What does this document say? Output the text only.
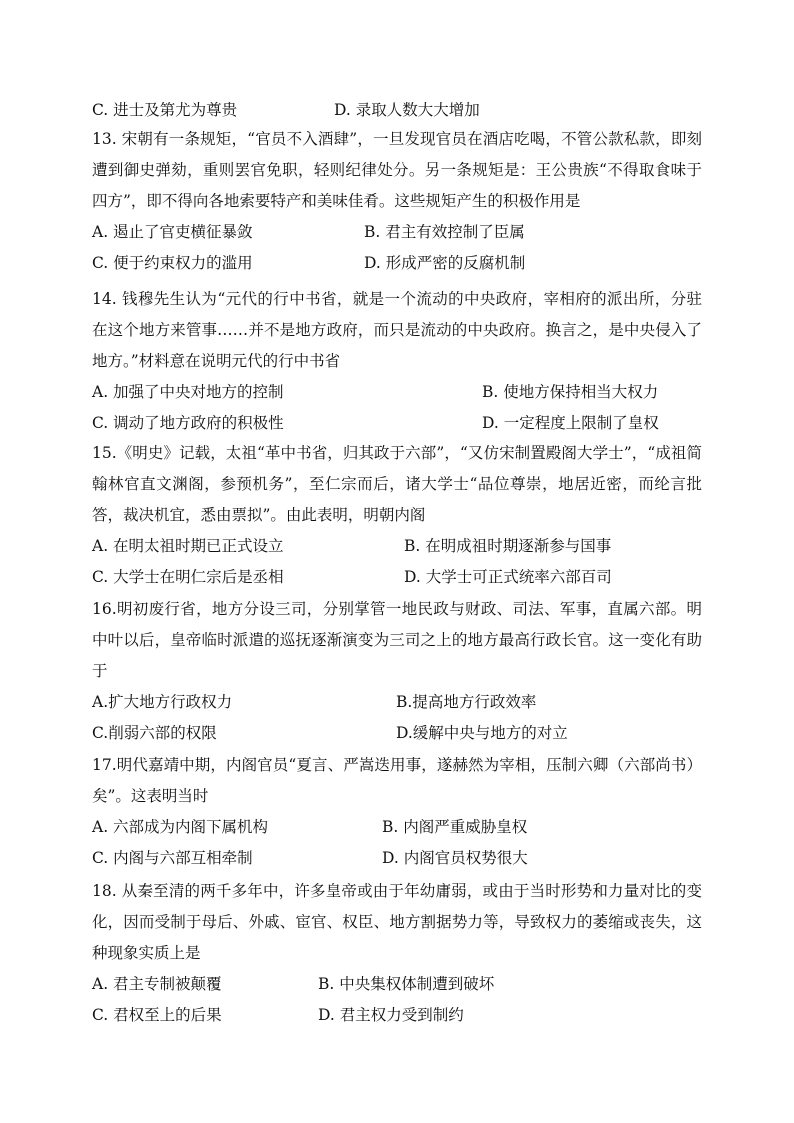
C. 进士及第尤为尊贵	D. 录取人数大大增加
13. 宋朝有一条规矩，“官员不入酒肆”，一旦发现官员在酒店吃喝，不管公款私款，即刻遭到御史弹劾，重则罢官免职，轻则纪律处分。另一条规矩是：王公贵族“不得取食味于四方”，即不得向各地索要特产和美味佳肴。这些规矩产生的积极作用是
A. 遏止了官吏横征暴敛	B. 君主有效控制了臣属
C. 便于约束权力的滥用	D. 形成严密的反腐机制
14. 钱穆先生认为“元代的行中书省，就是一个流动的中央政府，宰相府的派出所，分驻在这个地方来管事……并不是地方政府，而只是流动的中央政府。换言之，是中央侵入了地方。”材料意在说明元代的行中书省
A. 加强了中央对地方的控制	B. 使地方保持相当大权力
C. 调动了地方政府的积极性	D. 一定程度上限制了皇权
15.《明史》记载，太祖“革中书省，归其政于六部”，“又仿宋制置殿阁大学士”，“成祖简翰林官直文渊阁，参预机务”，至仁宗而后，诸大学士“品位尊崇，地居近密，而纶言批答，裁决机宜，悉由票拟”。由此表明，明朝内阁
A. 在明太祖时期已正式设立	B. 在明成祖时期逐渐参与国事
C. 大学士在明仁宗后是丞相	D. 大学士可正式统率六部百司
16.明初废行省，地方分设三司，分别掌管一地民政与财政、司法、军事，直属六部。明中叶以后，皇帝临时派遣的巡抚逐渐演变为三司之上的地方最高行政长官。这一变化有助于
A.扩大地方行政权力	B.提高地方行政效率
C.削弱六部的权限	D.缓解中央与地方的对立
17.明代嘉靖中期，内阁官员“夏言、严嵩迭用事，遂赫然为宰相，压制六卿（六部尚书）矣”。这表明当时
A. 六部成为内阁下属机构	B. 内阁严重威胁皇权
C. 内阁与六部互相牵制	D. 内阁官员权势很大
18. 从秦至清的两千多年中，许多皇帝或由于年幼庸弱，或由于当时形势和力量对比的变化，因而受制于母后、外戚、宦官、权臣、地方割据势力等，导致权力的萎缩或丧失，这种现象实质上是
A. 君主专制被颠覆	B. 中央集权体制遭到破坏
C. 君权至上的后果	D. 君主权力受到制约
